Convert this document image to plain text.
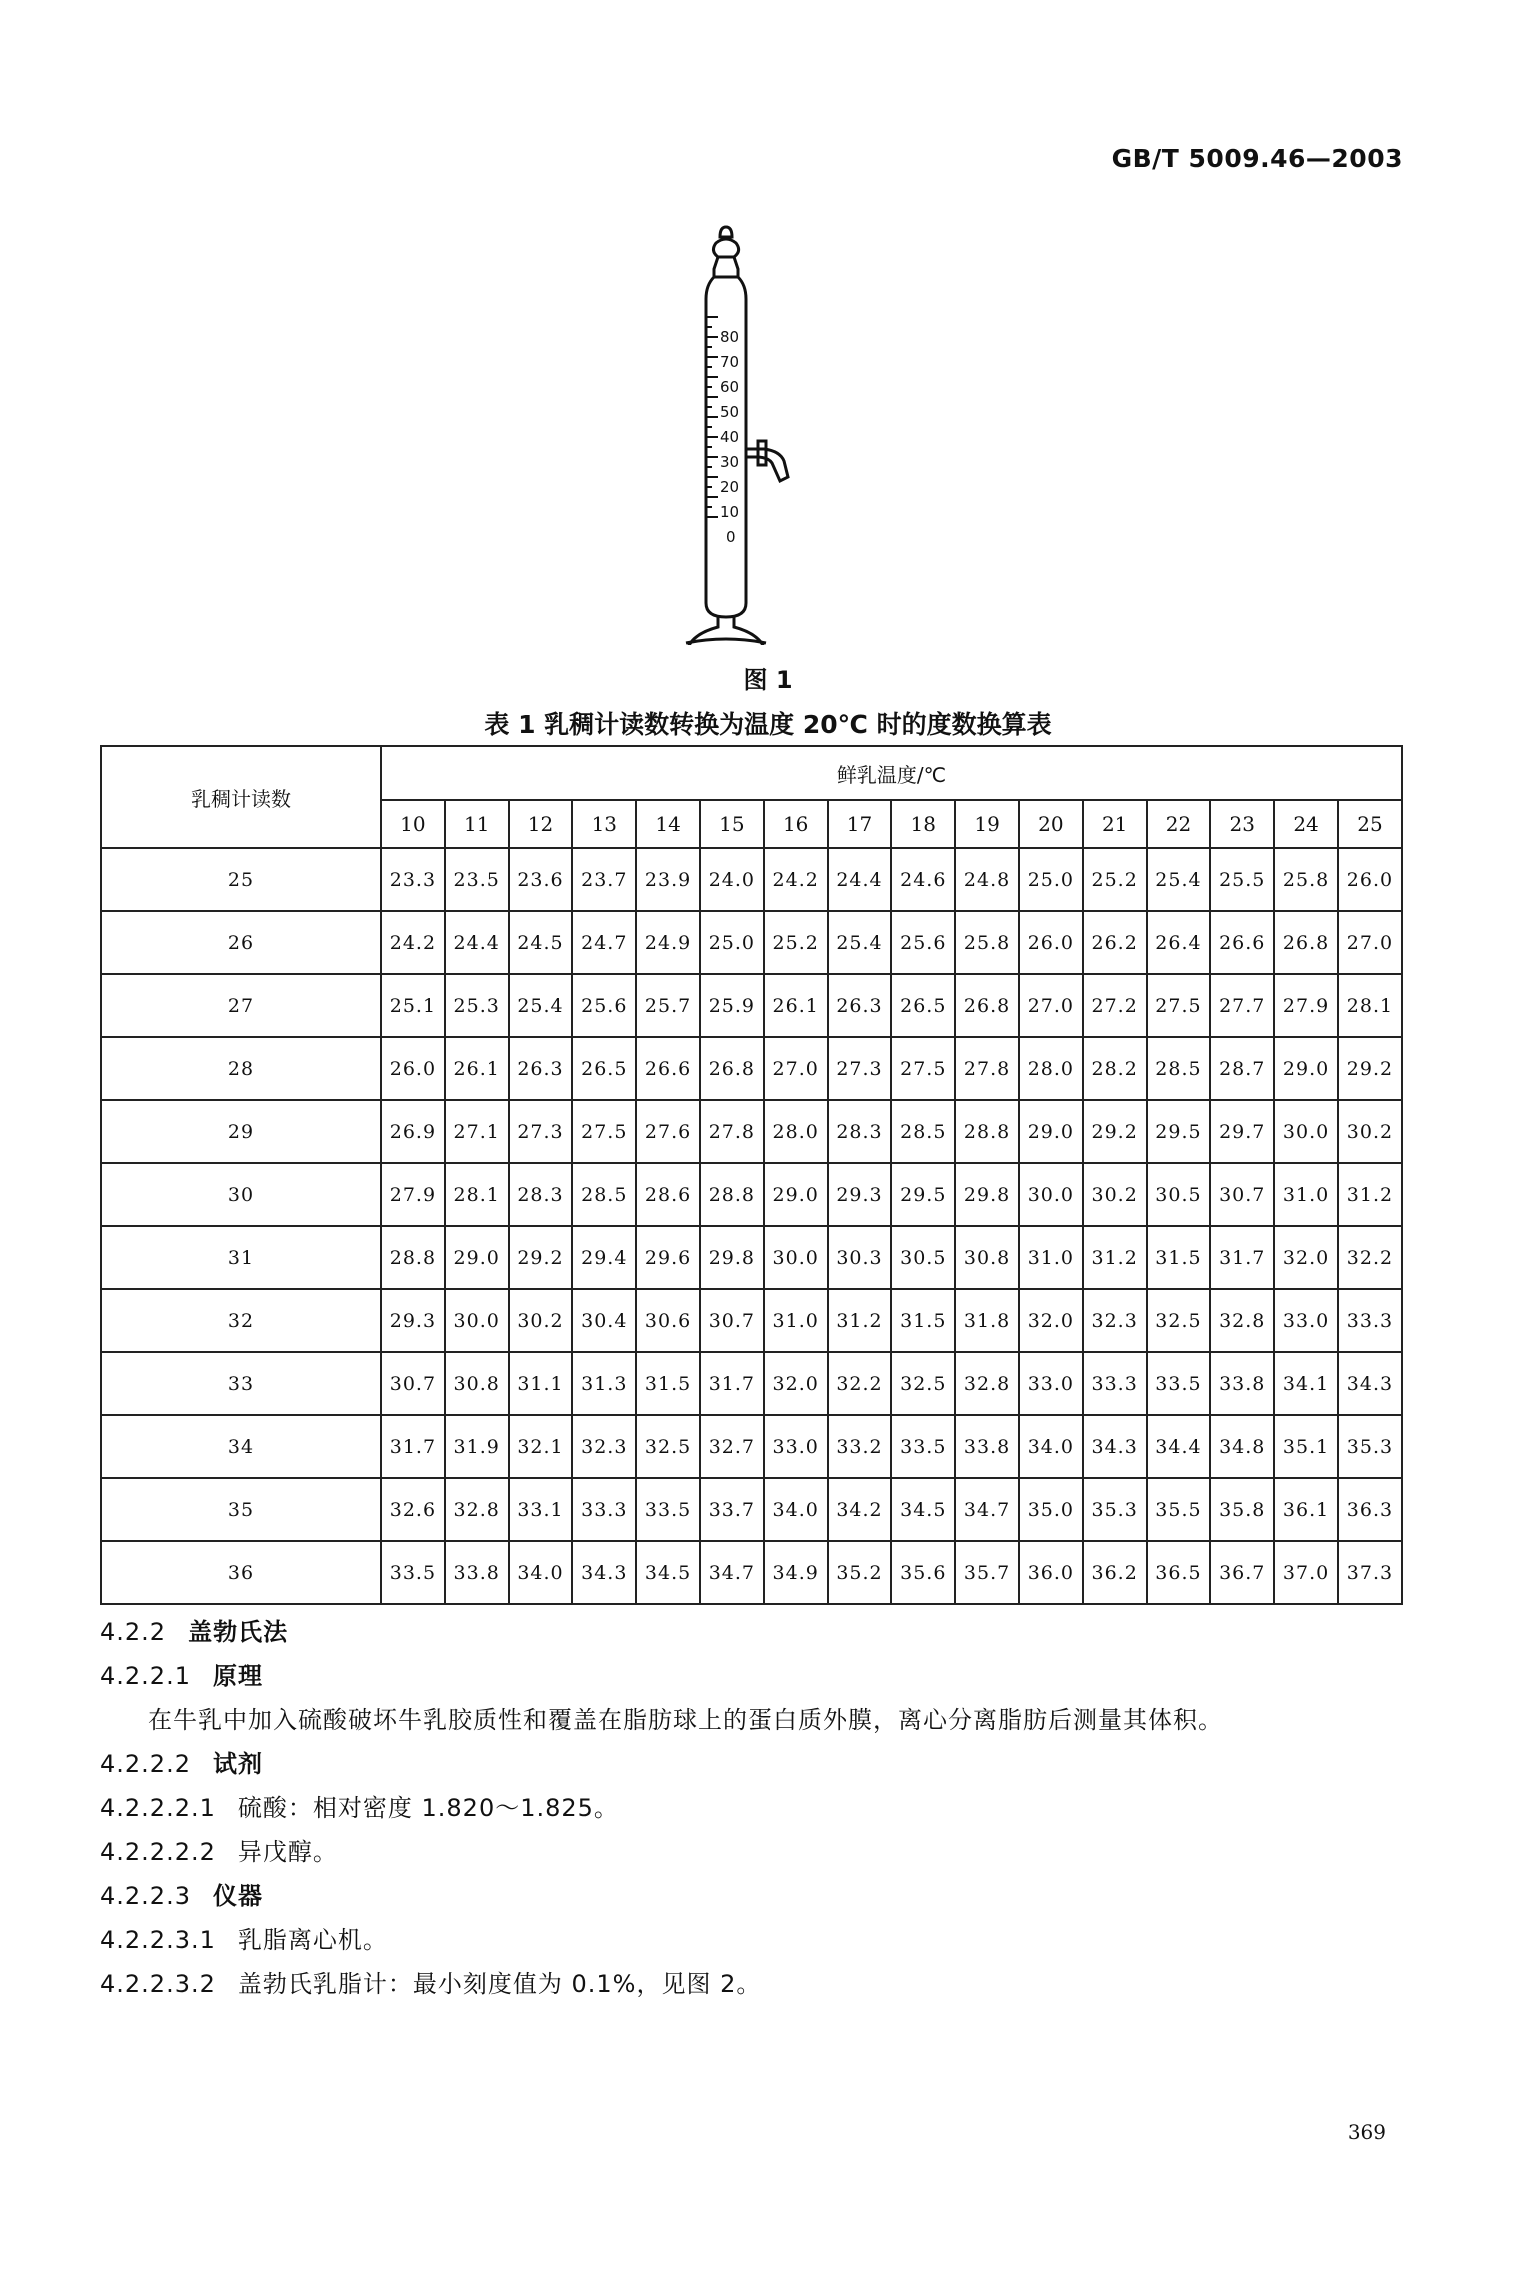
GB/T 5009.46—2003
80
70
60
50
40
30
20
10
0
图 1
表 1 乳稠计读数转换为温度 20℃ 时的度数换算表
乳稠计读数	鲜乳温度/℃															
	10	11	12	13	14	15	16	17	18	19	20	21	22	23	24	25
25	23.3	23.5	23.6	23.7	23.9	24.0	24.2	24.4	24.6	24.8	25.0	25.2	25.4	25.5	25.8	26.0
26	24.2	24.4	24.5	24.7	24.9	25.0	25.2	25.4	25.6	25.8	26.0	26.2	26.4	26.6	26.8	27.0
27	25.1	25.3	25.4	25.6	25.7	25.9	26.1	26.3	26.5	26.8	27.0	27.2	27.5	27.7	27.9	28.1
28	26.0	26.1	26.3	26.5	26.6	26.8	27.0	27.3	27.5	27.8	28.0	28.2	28.5	28.7	29.0	29.2
29	26.9	27.1	27.3	27.5	27.6	27.8	28.0	28.3	28.5	28.8	29.0	29.2	29.5	29.7	30.0	30.2
30	27.9	28.1	28.3	28.5	28.6	28.8	29.0	29.3	29.5	29.8	30.0	30.2	30.5	30.7	31.0	31.2
31	28.8	29.0	29.2	29.4	29.6	29.8	30.0	30.3	30.5	30.8	31.0	31.2	31.5	31.7	32.0	32.2
32	29.3	30.0	30.2	30.4	30.6	30.7	31.0	31.2	31.5	31.8	32.0	32.3	32.5	32.8	33.0	33.3
33	30.7	30.8	31.1	31.3	31.5	31.7	32.0	32.2	32.5	32.8	33.0	33.3	33.5	33.8	34.1	34.3
34	31.7	31.9	32.1	32.3	32.5	32.7	33.0	33.2	33.5	33.8	34.0	34.3	34.4	34.8	35.1	35.3
35	32.6	32.8	33.1	33.3	33.5	33.7	34.0	34.2	34.5	34.7	35.0	35.3	35.5	35.8	36.1	36.3
36	33.5	33.8	34.0	34.3	34.5	34.7	34.9	35.2	35.6	35.7	36.0	36.2	36.5	36.7	37.0	37.3
4.2.2 盖勃氏法
4.2.2.1 原理
在牛乳中加入硫酸破坏牛乳胶质性和覆盖在脂肪球上的蛋白质外膜，离心分离脂肪后测量其体积。
4.2.2.2 试剂
4.2.2.2.1 硫酸：相对密度 1.820～1.825。
4.2.2.2.2 异戊醇。
4.2.2.3 仪器
4.2.2.3.1 乳脂离心机。
4.2.2.3.2 盖勃氏乳脂计：最小刻度值为 0.1%，见图 2。
369
